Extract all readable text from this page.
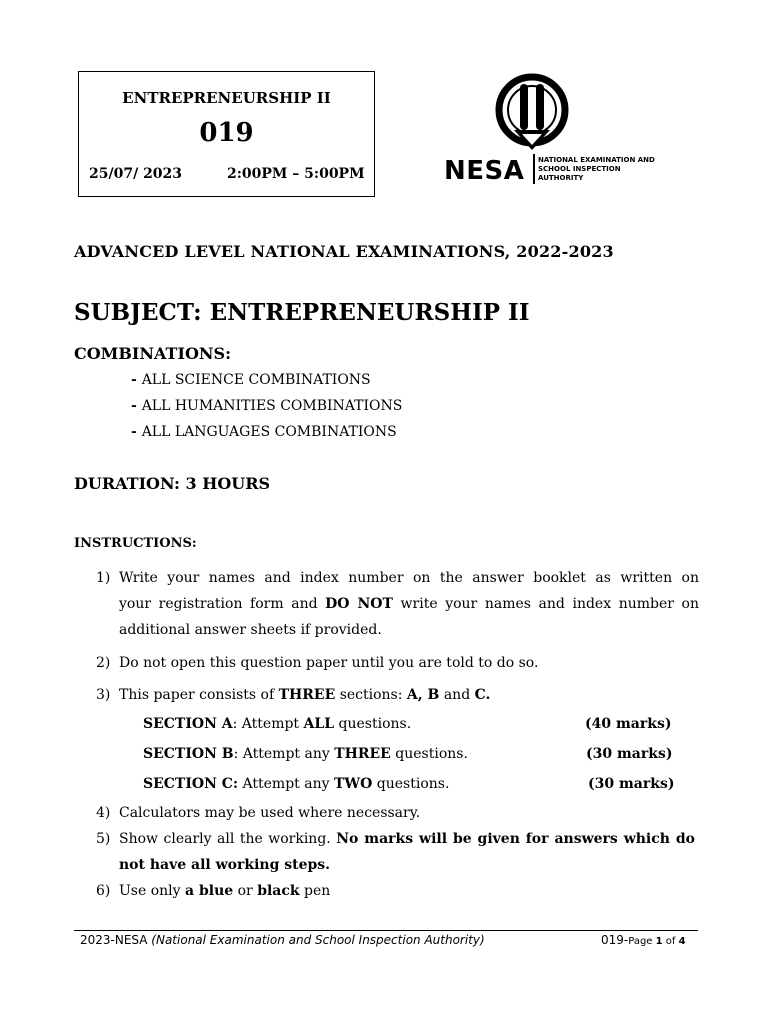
ENTREPRENEURSHIP II
019
25/07/ 2023	2:00PM – 5:00PM	NESA NATIONAL EXAMINATION AND
SCHOOL INSPECTION
AUTHORITY
ADVANCED LEVEL NATIONAL EXAMINATIONS, 2022-2023
SUBJECT: ENTREPRENEURSHIP II
COMBINATIONS:
- ALL SCIENCE COMBINATIONS
- ALL HUMANITIES COMBINATIONS
- ALL LANGUAGES COMBINATIONS
DURATION: 3 HOURS
INSTRUCTIONS:
1) Write your names and index number on the answer booklet as written on
your registration form and DO NOT write your names and index number on
additional answer sheets if provided.
2) Do not open this question paper until you are told to do so.
3) This paper consists of THREE sections: A, B and C.
SECTION A: Attempt ALL questions.	(40 marks)
SECTION B: Attempt any THREE questions.	(30 marks)
SECTION C: Attempt any TWO questions.	(30 marks)
4) Calculators may be used where necessary.
5) Show clearly all the working. No marks will be given for answers which do
not have all working steps.
6) Use only a blue or black pen
2023-NESA (National Examination and School Inspection Authority)	019-Page 1 of 4
